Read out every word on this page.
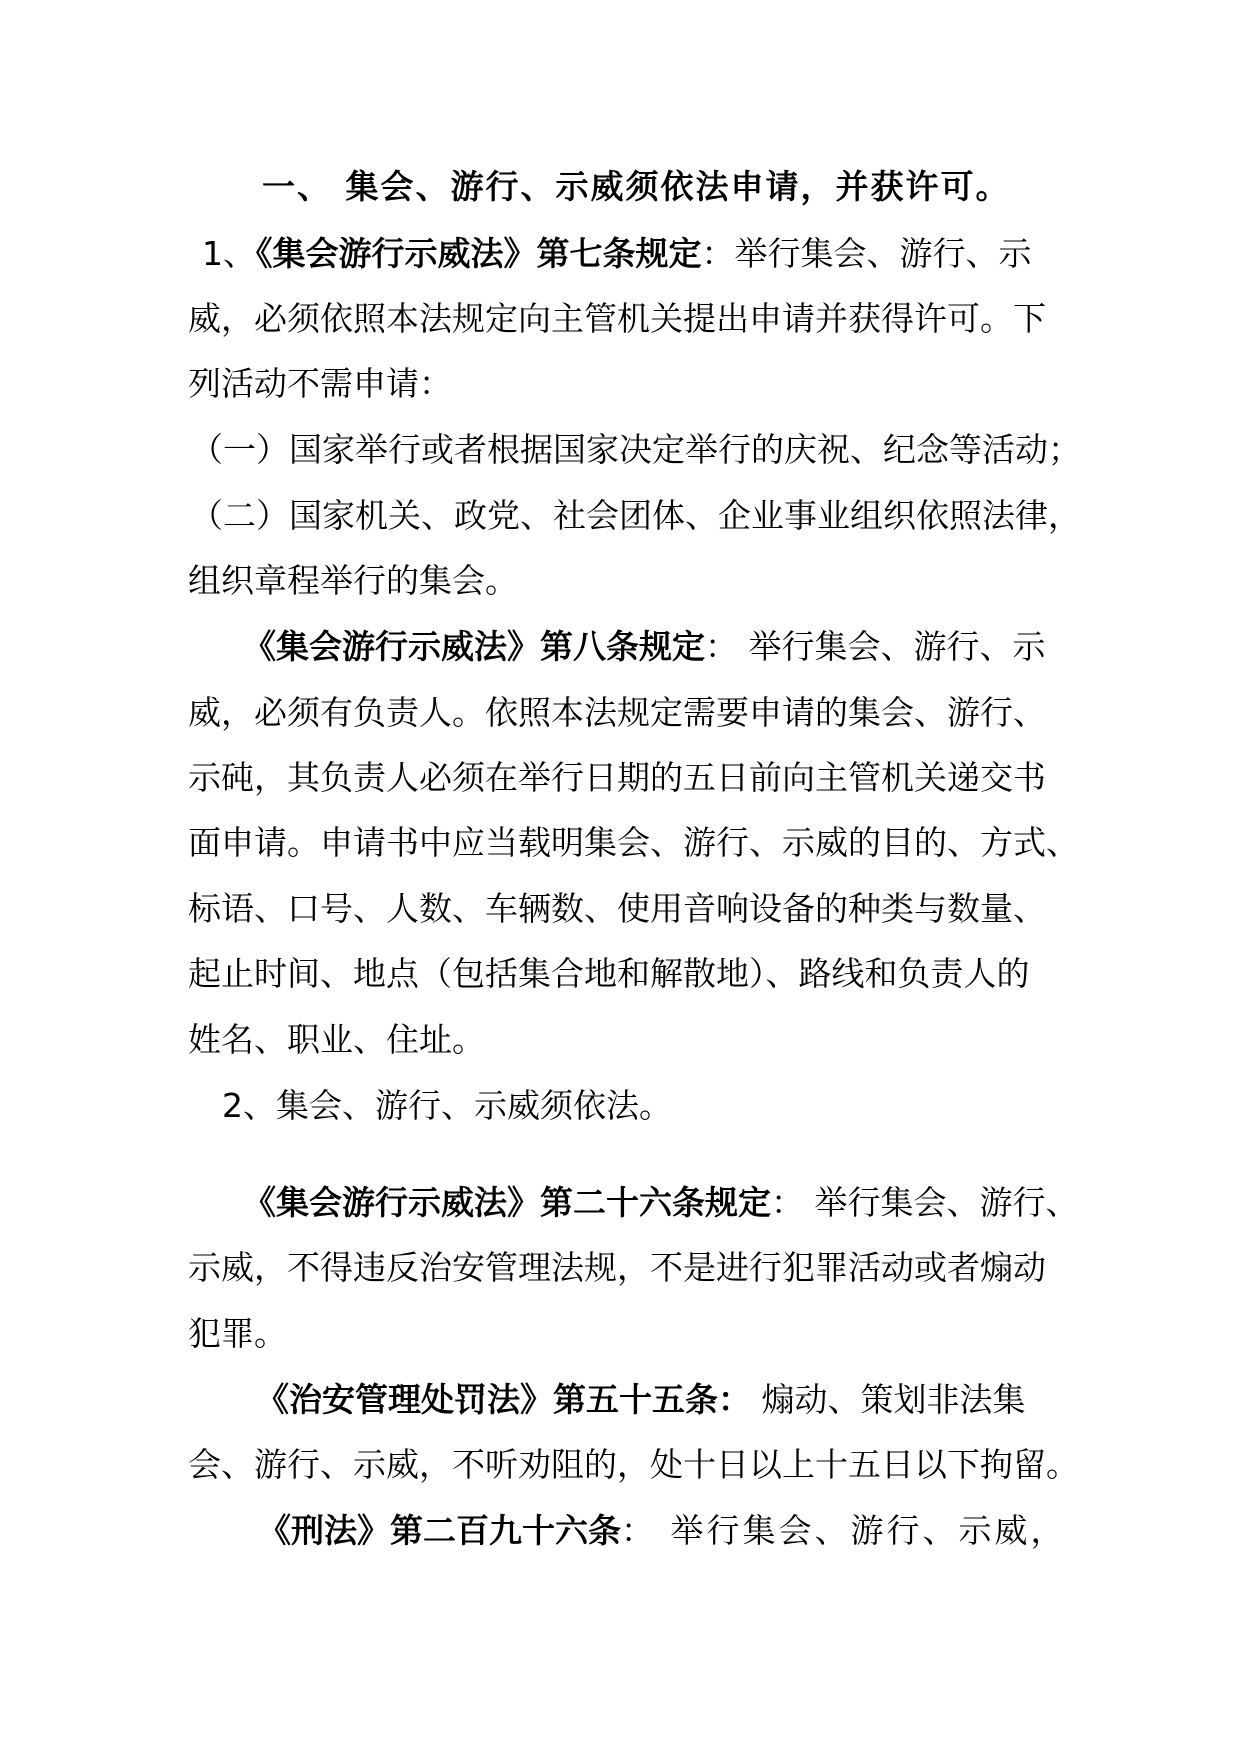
一、 集会、游行、示威须依法申请，并获许可。
1、《集会游行示威法》第七条规定：举行集会、游行、示
威，必须依照本法规定向主管机关提出申请并获得许可。下
列活动不需申请：
（一）国家举行或者根据国家决定举行的庆祝、纪念等活动；
（二）国家机关、政党、社会团体、企业事业组织依照法律，
组织章程举行的集会。
《集会游行示威法》第八条规定： 举行集会、游行、示
威，必须有负责人。依照本法规定需要申请的集会、游行、
示砘，其负责人必须在举行日期的五日前向主管机关递交书
面申请。申请书中应当载明集会、游行、示威的目的、方式、
标语、口号、人数、车辆数、使用音响设备的种类与数量、
起止时间、地点（包括集合地和解散地）、路线和负责人的
姓名、职业、住址。
2、集会、游行、示威须依法。
《集会游行示威法》第二十六条规定： 举行集会、游行、
示威，不得违反治安管理法规，不是进行犯罪活动或者煽动
犯罪。
《治安管理处罚法》第五十五条： 煽动、策划非法集
会、游行、示威，不听劝阻的，处十日以上十五日以下拘留。
《刑法》第二百九十六条： 举行集会、游行、示威，
